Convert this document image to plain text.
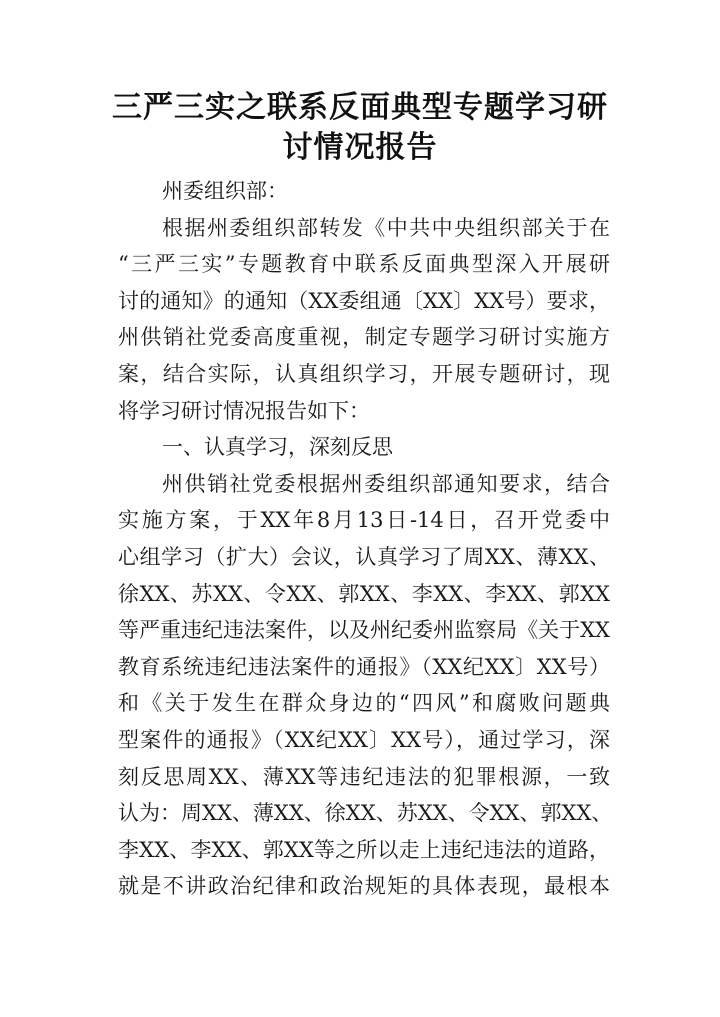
三严三实之联系反面典型专题学习研
讨情况报告
州委组织部：
根据州委组织部转发《中共中央组织部关于在
“三严三实”专题教育中联系反面典型深入开展研
讨的通知》的通知（XX委组通〔XX〕XX号）要求，
州供销社党委高度重视，制定专题学习研讨实施方
案，结合实际，认真组织学习，开展专题研讨，现
将学习研讨情况报告如下：
一、认真学习，深刻反思
州供销社党委根据州委组织部通知要求，结合
实施方案，于XX年8月13日-14日，召开党委中
心组学习（扩大）会议，认真学习了周XX、薄XX、
徐XX、苏XX、令XX、郭XX、李XX、李XX、郭XX
等严重违纪违法案件，以及州纪委州监察局《关于XX
教育系统违纪违法案件的通报》（XX纪XX〕XX号）
和《关于发生在群众身边的“四风”和腐败问题典
型案件的通报》（XX纪XX〕XX号），通过学习，深
刻反思周XX、薄XX等违纪违法的犯罪根源，一致
认为：周XX、薄XX、徐XX、苏XX、令XX、郭XX、
李XX、李XX、郭XX等之所以走上违纪违法的道路，
就是不讲政治纪律和政治规矩的具体表现，最根本
